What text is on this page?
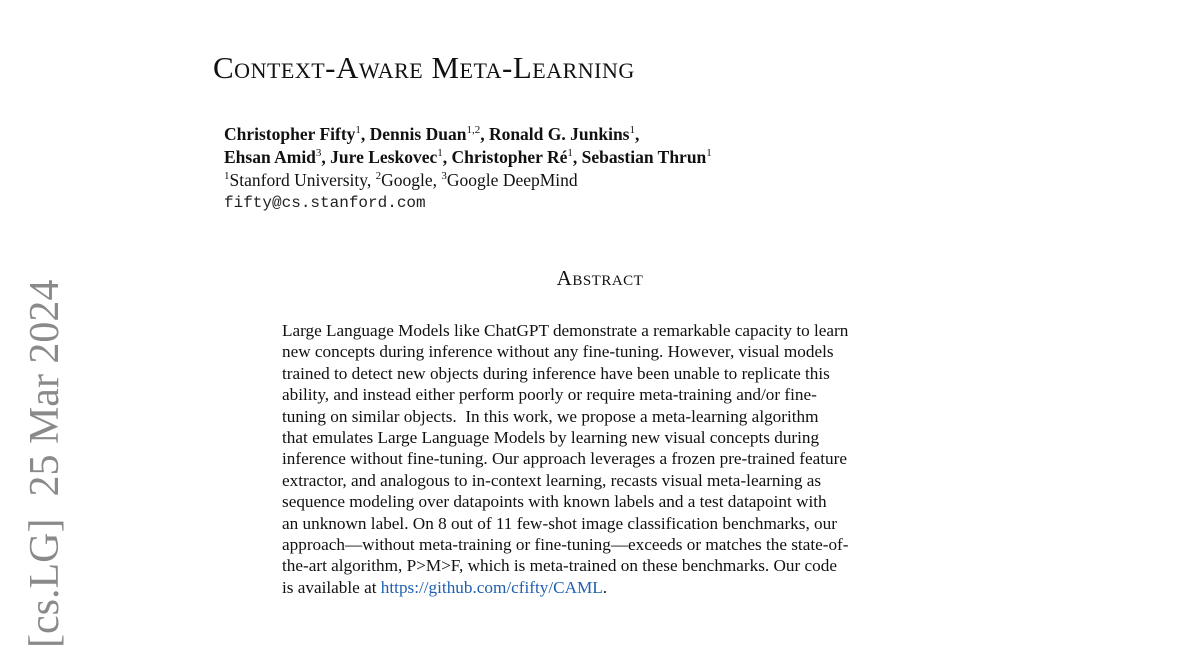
[cs.LG]25 Mar 2024
Context-Aware Meta-Learning
Christopher Fifty$^1$, Dennis Duan$^{1,2}$, Ronald G. Junkins$^1$,
Ehsan Amid$^3$, Jure Leskovec$^1$, Christopher $Ré^1$, Sebastian Thrun$^1$
$^1$Stanford University, $^2$Google, $^3$Google DeepMind
fifty@cs.stanford.com
Abstract
Large Language Models like ChatGPT demonstrate a remarkable capacity to learn
new concepts during inference without any fine-tuning. However, visual models
trained to detect new objects during inference have been unable to replicate this
ability, and instead either perform poorly or require meta-training and/or fine-
tuning on similar objects.  In this work, we propose a meta-learning algorithm
that emulates Large Language Models by learning new visual concepts during
inference without fine-tuning. Our approach leverages a frozen pre-trained feature
extractor, and analogous to in-context learning, recasts visual meta-learning as
sequence modeling over datapoints with known labels and a test datapoint with
an unknown label. On 8 out of 11 few-shot image classification benchmarks, our
approach—without meta-training or fine-tuning—exceeds or matches the state-of-
the-art algorithm, P>M>F, which is meta-trained on these benchmarks. Our code
is available at https://github.com/cfifty/CAML.
